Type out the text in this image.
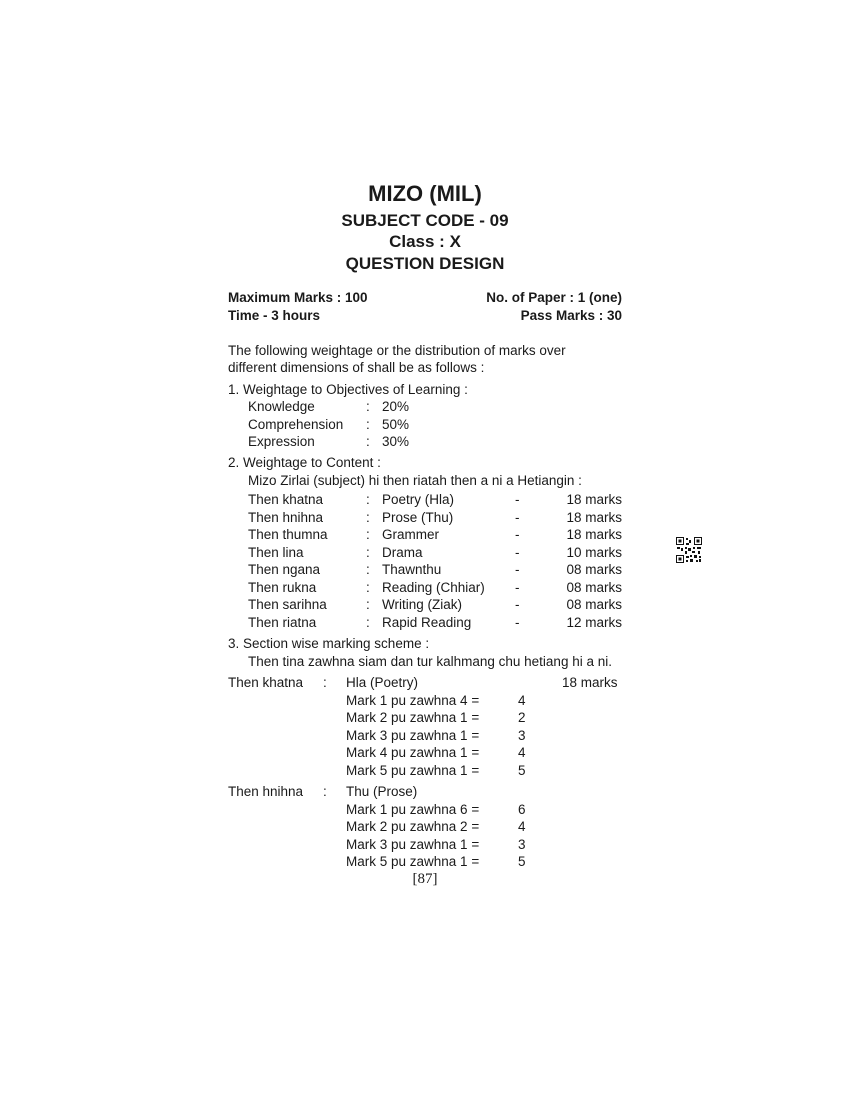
MIZO (MIL)
SUBJECT CODE - 09
Class : X
QUESTION DESIGN
Maximum Marks : 100	No. of Paper : 1 (one)
Time - 3 hours	Pass Marks : 30
The following weightage or the distribution of marks over
different dimensions of shall be as follows :
1. Weightage to Objectives of Learning :
Knowledge	: 20%
Comprehension : 50%
Expression	: 30%
2. Weightage to Content :
Mizo Zirlai (subject) hi then riatah then a ni a Hetiangin :
Then khatna	: Poetry (Hla)	-	18 marks
Then hnihna	: Prose (Thu)	-	18 marks
Then thumna	: Grammer	-	18 marks
Then lina	: Drama	-	10 marks
Then ngana	: Thawnthu	-	08 marks
Then rukna	: Reading (Chhiar) -	08 marks
Then sarihna	: Writing (Ziak)	-	08 marks
Then riatna	: Rapid Reading	-	12 marks
3. Section wise marking scheme :
Then tina zawhna siam dan tur kalhmang chu hetiang hi a ni.
Then khatna : Hla (Poetry)	18 marks
Mark 1 pu zawhna 4 =	4
Mark 2 pu zawhna 1 =	2
Mark 3 pu zawhna 1 =	3
Mark 4 pu zawhna 1 =	4
Mark 5 pu zawhna 1 =	5
Then hnihna : Thu (Prose)
Mark 1 pu zawhna 6 =	6
Mark 2 pu zawhna 2 =	4
Mark 3 pu zawhna 1 =	3
Mark 5 pu zawhna 1 =	5
[87]
